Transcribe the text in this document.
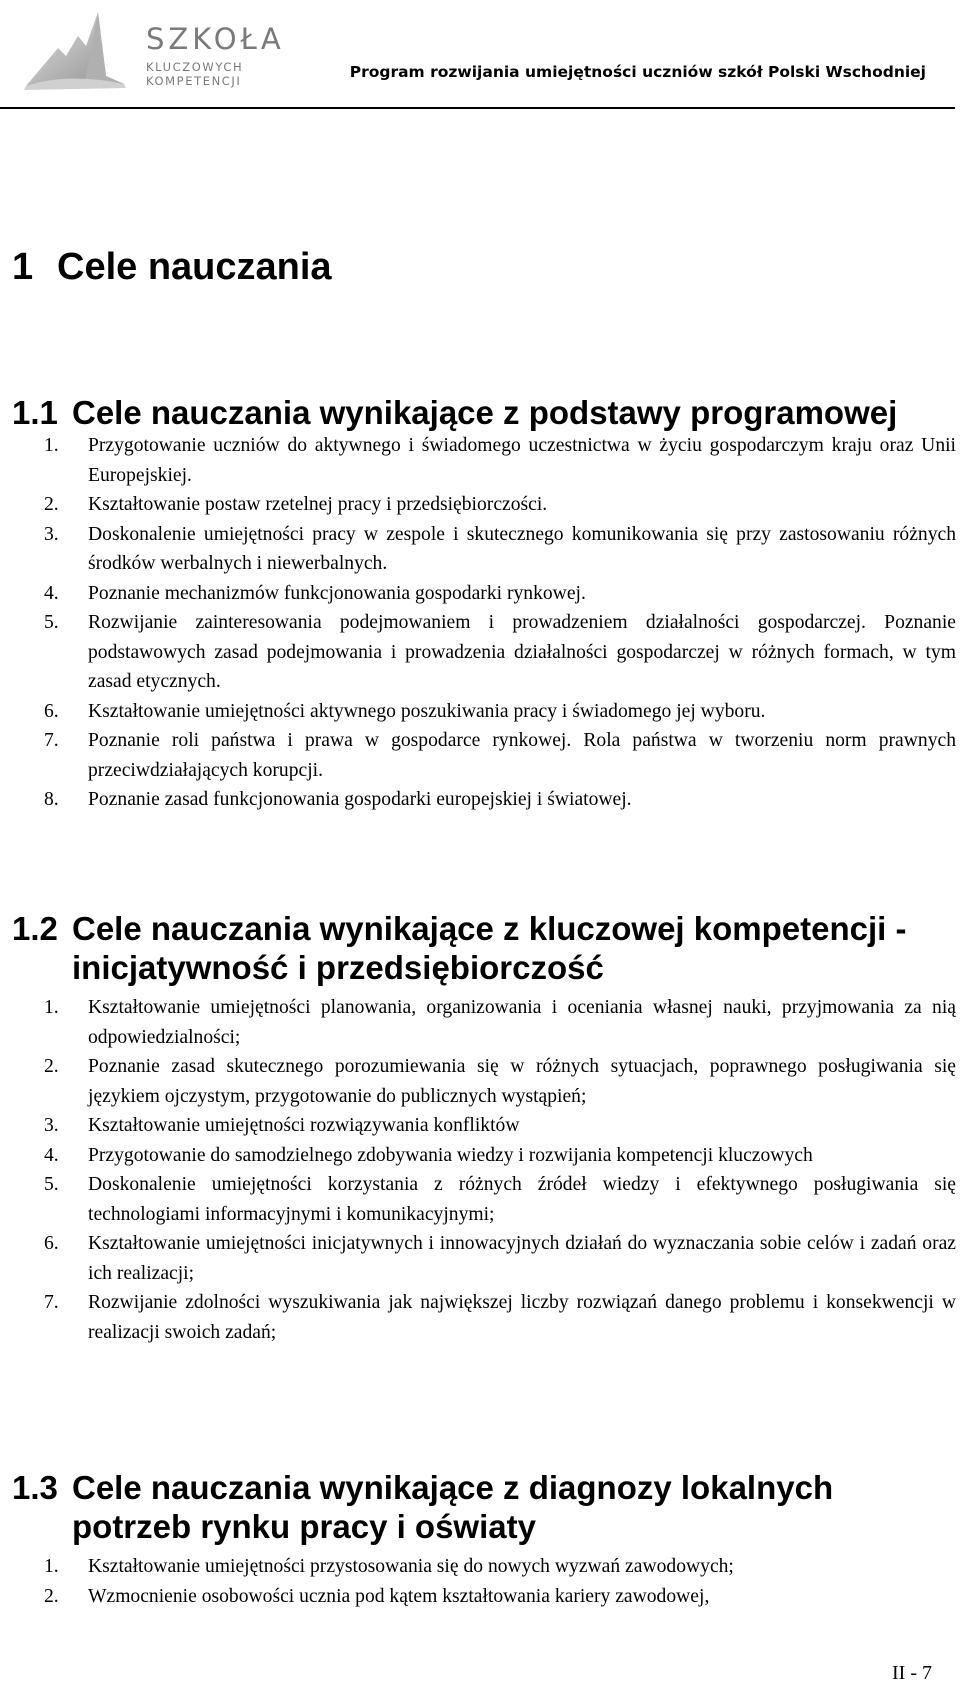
SZKOŁA
KLUCZOWYCH KOMPETENCJI	Program rozwijania umiejętności uczniów szkół Polski Wschodniej
1 Cele nauczania
1.1 Cele nauczania wynikające z podstawy programowej
1. Przygotowanie uczniów do aktywnego i świadomego uczestnictwa w życiu gospodarczym kraju oraz Unii Europejskiej.
2. Kształtowanie postaw rzetelnej pracy i przedsiębiorczości.
3. Doskonalenie umiejętności pracy w zespole i skutecznego komunikowania się przy zastosowaniu różnych środków werbalnych i niewerbalnych.
4. Poznanie mechanizmów funkcjonowania gospodarki rynkowej.
5. Rozwijanie zainteresowania podejmowaniem i prowadzeniem działalności gospodarczej. Poznanie podstawowych zasad podejmowania i prowadzenia działalności gospodarczej w różnych formach, w tym zasad etycznych.
6. Kształtowanie umiejętności aktywnego poszukiwania pracy i świadomego jej wyboru.
7. Poznanie roli państwa i prawa w gospodarce rynkowej. Rola państwa w tworzeniu norm prawnych przeciwdziałających korupcji.
8. Poznanie zasad funkcjonowania gospodarki europejskiej i światowej.
1.2 Cele nauczania wynikające z kluczowej kompetencji - inicjatywność i przedsiębiorczość
1. Kształtowanie umiejętności planowania, organizowania i oceniania własnej nauki, przyjmowania za nią odpowiedzialności;
2. Poznanie zasad skutecznego porozumiewania się w różnych sytuacjach, poprawnego posługiwania się językiem ojczystym, przygotowanie do publicznych wystąpień;
3. Kształtowanie umiejętności rozwiązywania konfliktów
4. Przygotowanie do samodzielnego zdobywania wiedzy i rozwijania kompetencji kluczowych
5. Doskonalenie umiejętności korzystania z różnych źródeł wiedzy i efektywnego posługiwania się technologiami informacyjnymi i komunikacyjnymi;
6. Kształtowanie umiejętności inicjatywnych i innowacyjnych działań do wyznaczania sobie celów i zadań oraz ich realizacji;
7. Rozwijanie zdolności wyszukiwania jak największej liczby rozwiązań danego problemu i konsekwencji w realizacji swoich zadań;
1.3 Cele nauczania wynikające z diagnozy lokalnych potrzeb rynku pracy i oświaty
1. Kształtowanie umiejętności przystosowania się do nowych wyzwań zawodowych;
2. Wzmocnienie osobowości ucznia pod kątem kształtowania kariery zawodowej,
II - 7
